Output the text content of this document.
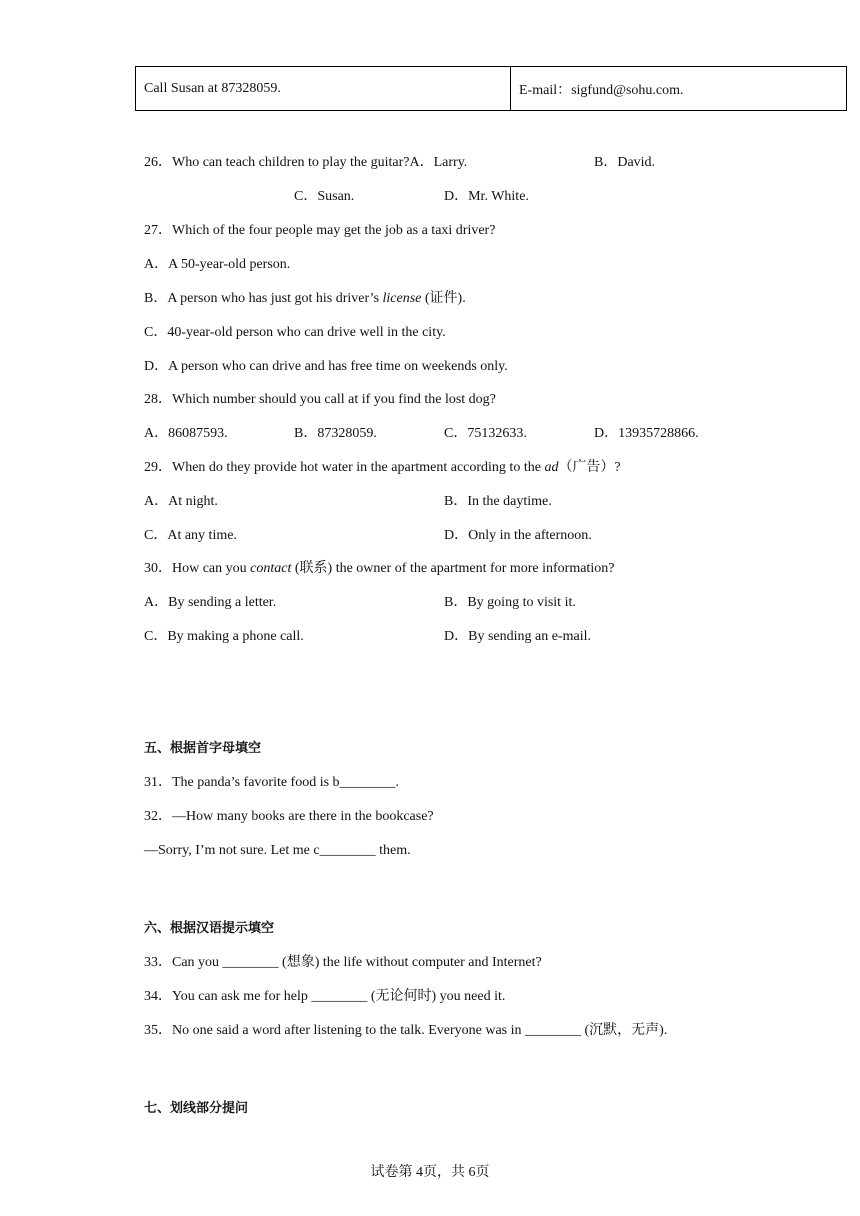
Call Susan at 87328059.	E-mail：sigfund@sohu.com.
26．Who can teach children to play the guitar?A．Larry.	B．David.
C．Susan.	D．Mr. White.
27．Which of the four people may get the job as a taxi driver?
A．A 50-year-old person.
B．A person who has just got his driver’s license (证件).
C．40-year-old person who can drive well in the city.
D．A person who can drive and has free time on weekends only.
28．Which number should you call at if you find the lost dog?
A．86087593.	B．87328059.	C．75132633.	D．13935728866.
29．When do they provide hot water in the apartment according to the ad（广告）?
A．At night.	B．In the daytime.
C．At any time.	D．Only in the afternoon.
30．How can you contact (联系) the owner of the apartment for more information?
A．By sending a letter.	B．By going to visit it.
C．By making a phone call.	D．By sending an e-mail.
五、根据首字母填空
31．The panda’s favorite food is b________.
32．—How many books are there in the bookcase?
—Sorry, I’m not sure. Let me c________ them.
六、根据汉语提示填空
33．Can you ________ (想象) the life without computer and Internet?
34．You can ask me for help ________ (无论何时) you need it.
35．No one said a word after listening to the talk. Everyone was in ________ (沉默，无声).
七、划线部分提问
试卷第 4页，共 6页
